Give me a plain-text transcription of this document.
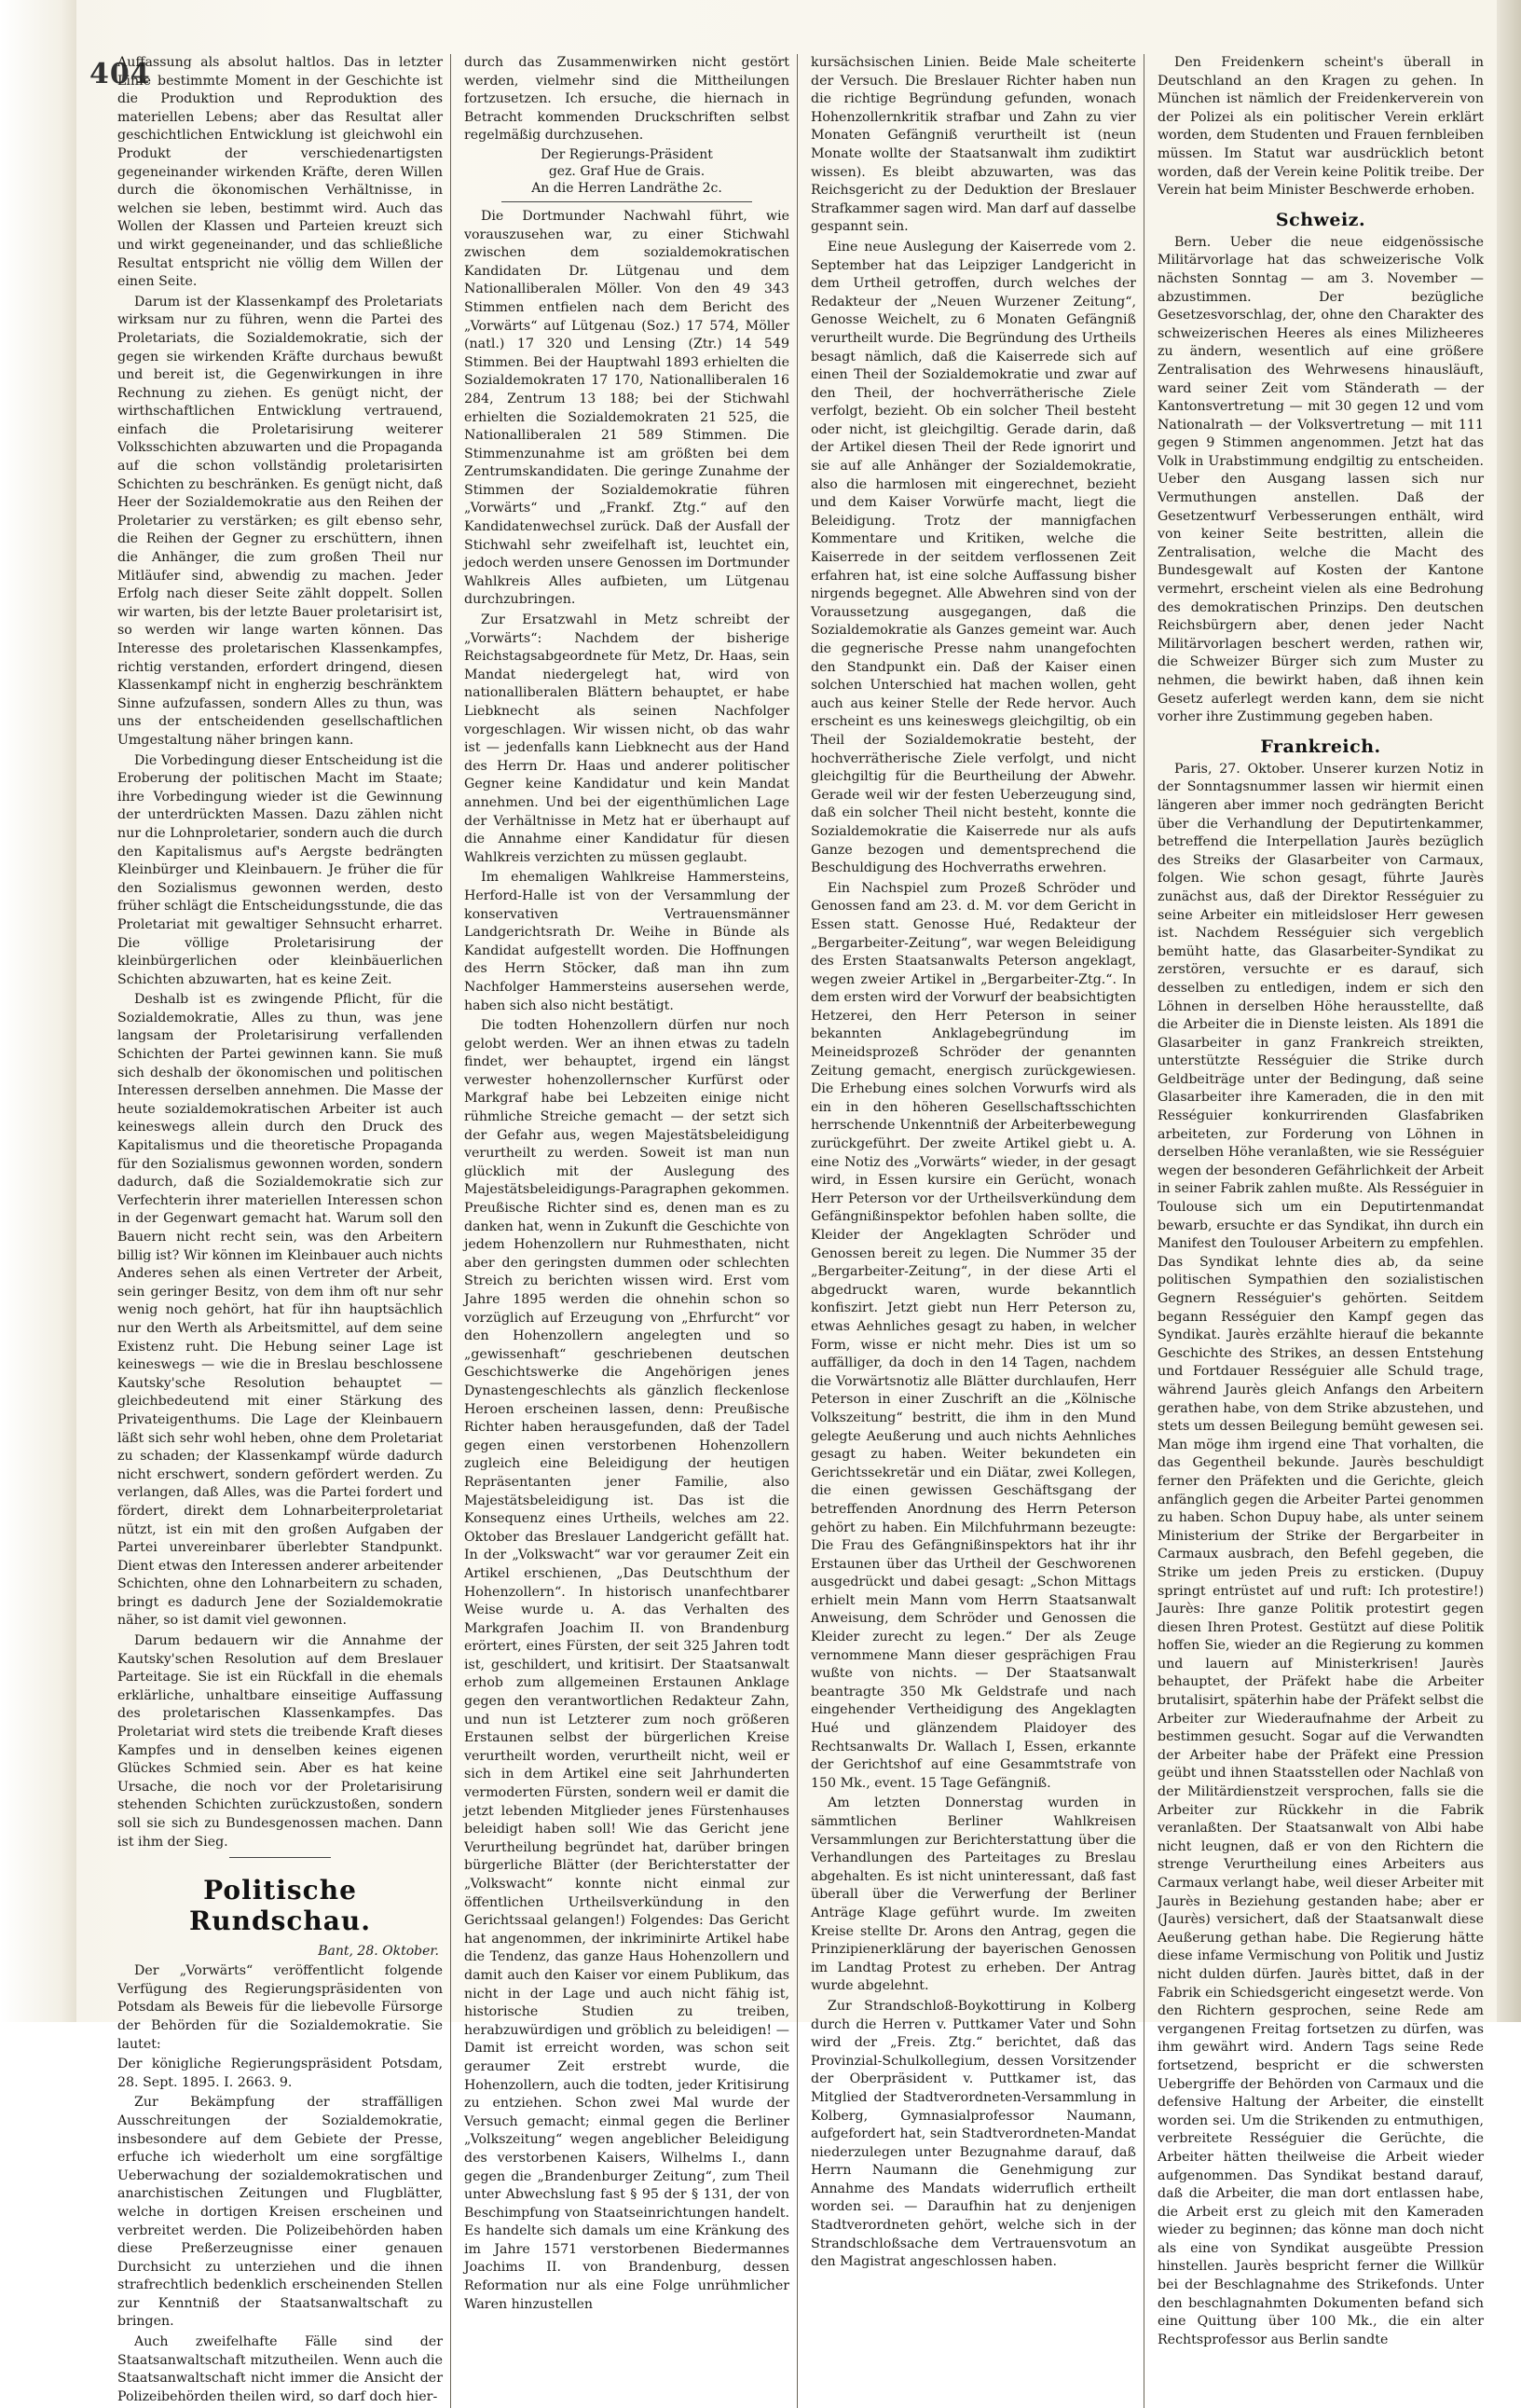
404

Auffassung als absolut haltlos. Das in letzter Linie bestimmte Moment in der Geschichte ist die Produktion und Reproduktion des materiellen Lebens; aber das Resultat aller geschichtlichen Entwicklung ist gleichwohl ein Produkt der verschiedenartigsten gegeneinander wirkenden Kräfte, deren Willen durch die ökonomischen Verhältnisse, in welchen sie leben, bestimmt wird. Auch das Wollen der Klassen und Parteien kreuzt sich und wirkt gegeneinander, und das schließliche Resultat entspricht nie völlig dem Willen der einen Seite.

Darum ist der Klassenkampf des Proletariats wirksam nur zu führen, wenn die Partei des Proletariats, die Sozialdemokratie, sich der gegen sie wirkenden Kräfte durchaus bewußt und bereit ist, die Gegenwirkungen in ihre Rechnung zu ziehen. Es genügt nicht, der wirthschaftlichen Entwicklung vertrauend, einfach die Proletarisirung weiterer Volksschichten abzuwarten und die Propaganda auf die schon vollständig proletarisirten Schichten zu beschränken. Es genügt nicht, daß Heer der Sozialdemokratie aus den Reihen der Proletarier zu verstärken; es gilt ebenso sehr, die Reihen der Gegner zu erschüttern, ihnen die Anhänger, die zum großen Theil nur Mitläufer sind, abwendig zu machen. Jeder Erfolg nach dieser Seite zählt doppelt. Sollen wir warten, bis der letzte Bauer proletarisirt ist, so werden wir lange warten können. Das Interesse des proletarischen Klassenkampfes, richtig verstanden, erfordert dringend, diesen Klassenkampf nicht in engherzig beschränktem Sinne aufzufassen, sondern Alles zu thun, was uns der entscheidenden gesellschaftlichen Umgestaltung näher bringen kann.

Die Vorbedingung dieser Entscheidung ist die Eroberung der politischen Macht im Staate; ihre Vorbedingung wieder ist die Gewinnung der unterdrückten Massen. Dazu zählen nicht nur die Lohnproletarier, sondern auch die durch den Kapitalismus auf's Aergste bedrängten Kleinbürger und Kleinbauern. Je früher die für den Sozialismus gewonnen werden, desto früher schlägt die Entscheidungsstunde, die das Proletariat mit gewaltiger Sehnsucht erharret. Die völlige Proletarisirung der kleinbürgerlichen oder kleinbäuerlichen Schichten abzuwarten, hat es keine Zeit.

Deshalb ist es zwingende Pflicht, für die Sozialdemokratie, Alles zu thun, was jene langsam der Proletarisirung verfallenden Schichten der Partei gewinnen kann. Sie muß sich deshalb der ökonomischen und politischen Interessen derselben annehmen. Die Masse der heute sozialdemokratischen Arbeiter ist auch keineswegs allein durch den Druck des Kapitalismus und die theoretische Propaganda für den Sozialismus gewonnen worden, sondern dadurch, daß die Sozialdemokratie sich zur Verfechterin ihrer materiellen Interessen schon in der Gegenwart gemacht hat. Warum soll den Bauern nicht recht sein, was den Arbeitern billig ist? Wir können im Kleinbauer auch nichts Anderes sehen als einen Vertreter der Arbeit, sein geringer Besitz, von dem ihm oft nur sehr wenig noch gehört, hat für ihn hauptsächlich nur den Werth als Arbeitsmittel, auf dem seine Existenz ruht. Die Hebung seiner Lage ist keineswegs — wie die in Breslau beschlossene Kautsky'sche Resolution behauptet — gleichbedeutend mit einer Stärkung des Privateigenthums. Die Lage der Kleinbauern läßt sich sehr wohl heben, ohne dem Proletariat zu schaden; der Klassenkampf würde dadurch nicht erschwert, sondern gefördert werden. Zu verlangen, daß Alles, was die Partei fordert und fördert, direkt dem Lohnarbeiterproletariat nützt, ist ein mit den großen Aufgaben der Partei unvereinbarer überlebter Standpunkt. Dient etwas den Interessen anderer arbeitender Schichten, ohne den Lohnarbeitern zu schaden, bringt es dadurch Jene der Sozialdemokratie näher, so ist damit viel gewonnen.

Darum bedauern wir die Annahme der Kautsky'schen Resolution auf dem Breslauer Parteitage. Sie ist ein Rückfall in die ehemals erklärliche, unhaltbare einseitige Auffassung des proletarischen Klassenkampfes. Das Proletariat wird stets die treibende Kraft dieses Kampfes und in denselben keines eigenen Glückes Schmied sein. Aber es hat keine Ursache, die noch vor der Proletarisirung stehenden Schichten zurückzustoßen, sondern soll sie sich zu Bundesgenossen machen. Dann ist ihm der Sieg.

Politische Rundschau.
Bant, 28. Oktober.

Der „Vorwärts“ veröffentlicht folgende Verfügung des Regierungspräsidenten von Potsdam als Beweis für die liebevolle Fürsorge der Behörden für die Sozialdemokratie. Sie lautet:

Der königliche Regierungspräsident Potsdam, 28. Sept. 1895. I. 2663. 9.

Zur Bekämpfung der straffälligen Ausschreitungen der Sozialdemokratie, insbesondere auf dem Gebiete der Presse, erfuche ich wiederholt um eine sorgfältige Ueberwachung der sozialdemokratischen und anarchistischen Zeitungen und Flugblätter, welche in dortigen Kreisen erscheinen und verbreitet werden. Die Polizeibehörden haben diese Preßerzeugnisse einer genauen Durchsicht zu unterziehen und die ihnen strafrechtlich bedenklich erscheinenden Stellen zur Kenntniß der Staatsanwaltschaft zu bringen.

Auch zweifelhafte Fälle sind der Staatsanwaltschaft mitzutheilen. Wenn auch die Staatsanwaltschaft nicht immer die Ansicht der Polizeibehörden theilen wird, so darf doch hier-

durch das Zusammenwirken nicht gestört werden, vielmehr sind die Mittheilungen fortzusetzen. Ich ersuche, die hiernach in Betracht kommenden Druckschriften selbst regelmäßig durchzusehen.

Der Regierungs-Präsident
gez. Graf Hue de Grais.
An die Herren Landräthe 2c.

Die Dortmunder Nachwahl führt, wie vorauszusehen war, zu einer Stichwahl zwischen dem sozialdemokratischen Kandidaten Dr. Lütgenau und dem Nationalliberalen Möller. Von den 49 343 Stimmen entfielen nach dem Bericht des „Vorwärts“ auf Lütgenau (Soz.) 17 574, Möller (natl.) 17 320 und Lensing (Ztr.) 14 549 Stimmen. Bei der Hauptwahl 1893 erhielten die Sozialdemokraten 17 170, Nationalliberalen 16 284, Zentrum 13 188; bei der Stichwahl erhielten die Sozialdemokraten 21 525, die Nationalliberalen 21 589 Stimmen. Die Stimmenzunahme ist am größten bei dem Zentrumskandidaten. Die geringe Zunahme der Stimmen der Sozialdemokratie führen „Vorwärts“ und „Frankf. Ztg.“ auf den Kandidatenwechsel zurück. Daß der Ausfall der Stichwahl sehr zweifelhaft ist, leuchtet ein, jedoch werden unsere Genossen im Dortmunder Wahlkreis Alles aufbieten, um Lütgenau durchzubringen.

Zur Ersatzwahl in Metz schreibt der „Vorwärts“: Nachdem der bisherige Reichstagsabgeordnete für Metz, Dr. Haas, sein Mandat niedergelegt hat, wird von nationalliberalen Blättern behauptet, er habe Liebknecht als seinen Nachfolger vorgeschlagen. Wir wissen nicht, ob das wahr ist — jedenfalls kann Liebknecht aus der Hand des Herrn Dr. Haas und anderer politischer Gegner keine Kandidatur und kein Mandat annehmen. Und bei der eigenthümlichen Lage der Verhältnisse in Metz hat er überhaupt auf die Annahme einer Kandidatur für diesen Wahlkreis verzichten zu müssen geglaubt.

Im ehemaligen Wahlkreise Hammersteins, Herford-Halle ist von der Versammlung der konservativen Vertrauensmänner Landgerichtsrath Dr. Weihe in Bünde als Kandidat aufgestellt worden. Die Hoffnungen des Herrn Stöcker, daß man ihn zum Nachfolger Hammersteins ausersehen werde, haben sich also nicht bestätigt.

Die todten Hohenzollern dürfen nur noch gelobt werden. Wer an ihnen etwas zu tadeln findet, wer behauptet, irgend ein längst verwester hohenzollernscher Kurfürst oder Markgraf habe bei Lebzeiten einige nicht rühmliche Streiche gemacht — der setzt sich der Gefahr aus, wegen Majestätsbeleidigung verurtheilt zu werden. Soweit ist man nun glücklich mit der Auslegung des Majestätsbeleidigungs-Paragraphen gekommen. Preußische Richter sind es, denen man es zu danken hat, wenn in Zukunft die Geschichte von jedem Hohenzollern nur Ruhmesthaten, nicht aber den geringsten dummen oder schlechten Streich zu berichten wissen wird. Erst vom Jahre 1895 werden die ohnehin schon so vorzüglich auf Erzeugung von „Ehrfurcht“ vor den Hohenzollern angelegten und so „gewissenhaft“ geschriebenen deutschen Geschichtswerke die Angehörigen jenes Dynastengeschlechts als gänzlich fleckenlose Heroen erscheinen lassen, denn: Preußische Richter haben herausgefunden, daß der Tadel gegen einen verstorbenen Hohenzollern zugleich eine Beleidigung der heutigen Repräsentanten jener Familie, also Majestätsbeleidigung ist. Das ist die Konsequenz eines Urtheils, welches am 22. Oktober das Breslauer Landgericht gefällt hat. In der „Volkswacht“ war vor geraumer Zeit ein Artikel erschienen, „Das Deutschthum der Hohenzollern“. In historisch unanfechtbarer Weise wurde u. A. das Verhalten des Markgrafen Joachim II. von Brandenburg erörtert, eines Fürsten, der seit 325 Jahren todt ist, geschildert, und kritisirt. Der Staatsanwalt erhob zum allgemeinen Erstaunen Anklage gegen den verantwortlichen Redakteur Zahn, und nun ist Letzterer zum noch größeren Erstaunen selbst der bürgerlichen Kreise verurtheilt worden, verurtheilt nicht, weil er sich in dem Artikel eine seit Jahrhunderten vermoderten Fürsten, sondern weil er damit die jetzt lebenden Mitglieder jenes Fürstenhauses beleidigt haben soll! Wie das Gericht jene Verurtheilung begründet hat, darüber bringen bürgerliche Blätter (der Berichterstatter der „Volkswacht“ konnte nicht einmal zur öffentlichen Urtheilsverkündung in den Gerichtssaal gelangen!) Folgendes: Das Gericht hat angenommen, der inkriminirte Artikel habe die Tendenz, das ganze Haus Hohenzollern und damit auch den Kaiser vor einem Publikum, das nicht in der Lage und auch nicht fähig ist, historische Studien zu treiben, herabzuwürdigen und gröblich zu beleidigen! — Damit ist erreicht worden, was schon seit geraumer Zeit erstrebt wurde, die Hohenzollern, auch die todten, jeder Kritisirung zu entziehen. Schon zwei Mal wurde der Versuch gemacht; einmal gegen die Berliner „Volkszeitung“ wegen angeblicher Beleidigung des verstorbenen Kaisers, Wilhelms I., dann gegen die „Brandenburger Zeitung“, zum Theil unter Abwechslung fast § 95 der § 131, der von Beschimpfung von Staatseinrichtungen handelt. Es handelte sich damals um eine Kränkung des im Jahre 1571 verstorbenen Biedermannes Joachims II. von Brandenburg, dessen Reformation nur als eine Folge unrühmlicher Waren hinzustellen

kursächsischen Linien. Beide Male scheiterte der Versuch. Die Breslauer Richter haben nun die richtige Begründung gefunden, wonach Hohenzollernkritik strafbar und Zahn zu vier Monaten Gefängniß verurtheilt ist (neun Monate wollte der Staatsanwalt ihm zudiktirt wissen). Es bleibt abzuwarten, was das Reichsgericht zu der Deduktion der Breslauer Strafkammer sagen wird. Man darf auf dasselbe gespannt sein.

Eine neue Auslegung der Kaiserrede vom 2. September hat das Leipziger Landgericht in dem Urtheil getroffen, durch welches der Redakteur der „Neuen Wurzener Zeitung“, Genosse Weichelt, zu 6 Monaten Gefängniß verurtheilt wurde. Die Begründung des Urtheils besagt nämlich, daß die Kaiserrede sich auf einen Theil der Sozialdemokratie und zwar auf den Theil, der hochverrätherische Ziele verfolgt, bezieht. Ob ein solcher Theil besteht oder nicht, ist gleichgiltig. Gerade darin, daß der Artikel diesen Theil der Rede ignorirt und sie auf alle Anhänger der Sozialdemokratie, also die harmlosen mit eingerechnet, bezieht und dem Kaiser Vorwürfe macht, liegt die Beleidigung. Trotz der mannigfachen Kommentare und Kritiken, welche die Kaiserrede in der seitdem verflossenen Zeit erfahren hat, ist eine solche Auffassung bisher nirgends begegnet. Alle Abwehren sind von der Voraussetzung ausgegangen, daß die Sozialdemokratie als Ganzes gemeint war. Auch die gegnerische Presse nahm unangefochten den Standpunkt ein. Daß der Kaiser einen solchen Unterschied hat machen wollen, geht auch aus keiner Stelle der Rede hervor. Auch erscheint es uns keineswegs gleichgiltig, ob ein Theil der Sozialdemokratie besteht, der hochverrätherische Ziele verfolgt, und nicht gleichgiltig für die Beurtheilung der Abwehr. Gerade weil wir der festen Ueberzeugung sind, daß ein solcher Theil nicht besteht, konnte die Sozialdemokratie die Kaiserrede nur als aufs Ganze bezogen und dementsprechend die Beschuldigung des Hochverraths erwehren.

Ein Nachspiel zum Prozeß Schröder und Genossen fand am 23. d. M. vor dem Gericht in Essen statt. Genosse Hué, Redakteur der „Bergarbeiter-Zeitung“, war wegen Beleidigung des Ersten Staatsanwalts Peterson angeklagt, wegen zweier Artikel in „Bergarbeiter-Ztg.“. In dem ersten wird der Vorwurf der beabsichtigten Hetzerei, den Herr Peterson in seiner bekannten Anklagebegründung im Meineidsprozeß Schröder der genannten Zeitung gemacht, energisch zurückgewiesen. Die Erhebung eines solchen Vorwurfs wird als ein in den höheren Gesellschaftsschichten herrschende Unkenntniß der Arbeiterbewegung zurückgeführt. Der zweite Artikel giebt u. A. eine Notiz des „Vorwärts“ wieder, in der gesagt wird, in Essen kursire ein Gerücht, wonach Herr Peterson vor der Urtheilsverkündung dem Gefängnißinspektor befohlen haben sollte, die Kleider der Angeklagten Schröder und Genossen bereit zu legen. Die Nummer 35 der „Bergarbeiter-Zeitung“, in der diese Arti el abgedruckt waren, wurde bekanntlich konfiszirt. Jetzt giebt nun Herr Peterson zu, etwas Aehnliches gesagt zu haben, in welcher Form, wisse er nicht mehr. Dies ist um so auffälliger, da doch in den 14 Tagen, nachdem die Vorwärtsnotiz alle Blätter durchlaufen, Herr Peterson in einer Zuschrift an die „Kölnische Volkszeitung“ bestritt, die ihm in den Mund gelegte Aeußerung und auch nichts Aehnliches gesagt zu haben. Weiter bekundeten ein Gerichtssekretär und ein Diätar, zwei Kollegen, die einen gewissen Geschäftsgang der betreffenden Anordnung des Herrn Peterson gehört zu haben. Ein Milchfuhrmann bezeugte: Die Frau des Gefängnißinspektors hat ihr ihr Erstaunen über das Urtheil der Geschworenen ausgedrückt und dabei gesagt: „Schon Mittags erhielt mein Mann vom Herrn Staatsanwalt Anweisung, dem Schröder und Genossen die Kleider zurecht zu legen.“ Der als Zeuge vernommene Mann dieser gesprächigen Frau wußte von nichts. — Der Staatsanwalt beantragte 350 Mk Geldstrafe und nach eingehender Vertheidigung des Angeklagten Hué und glänzendem Plaidoyer des Rechtsanwalts Dr. Wallach I, Essen, erkannte der Gerichtshof auf eine Gesammtstrafe von 150 Mk., event. 15 Tage Gefängniß.

Am letzten Donnerstag wurden in sämmtlichen Berliner Wahlkreisen Versammlungen zur Berichterstattung über die Verhandlungen des Parteitages zu Breslau abgehalten. Es ist nicht uninteressant, daß fast überall über die Verwerfung der Berliner Anträge Klage geführt wurde. Im zweiten Kreise stellte Dr. Arons den Antrag, gegen die Prinzipienerklärung der bayerischen Genossen im Landtag Protest zu erheben. Der Antrag wurde abgelehnt.

Zur Strandschloß-Boykottirung in Kolberg durch die Herren v. Puttkamer Vater und Sohn wird der „Freis. Ztg.“ berichtet, daß das Provinzial-Schulkollegium, dessen Vorsitzender der Oberpräsident v. Puttkamer ist, das Mitglied der Stadtverordneten-Versammlung in Kolberg, Gymnasialprofessor Naumann, aufgefordert hat, sein Stadtverordneten-Mandat niederzulegen unter Bezugnahme darauf, daß Herrn Naumann die Genehmigung zur Annahme des Mandats widerruflich ertheilt worden sei. — Daraufhin hat zu denjenigen Stadtverordneten gehört, welche sich in der Strandschloßsache dem Vertrauensvotum an den Magistrat angeschlossen haben.

Den Freidenkern scheint's überall in Deutschland an den Kragen zu gehen. In München ist nämlich der Freidenkerverein von der Polizei als ein politischer Verein erklärt worden, dem Studenten und Frauen fernbleiben müssen. Im Statut war ausdrücklich betont worden, daß der Verein keine Politik treibe. Der Verein hat beim Minister Beschwerde erhoben.

Schweiz.

Bern. Ueber die neue eidgenössische Militärvorlage hat das schweizerische Volk nächsten Sonntag — am 3. November — abzustimmen. Der bezügliche Gesetzesvorschlag, der, ohne den Charakter des schweizerischen Heeres als eines Milizheeres zu ändern, wesentlich auf eine größere Zentralisation des Wehrwesens hinausläuft, ward seiner Zeit vom Ständerath — der Kantonsvertretung — mit 30 gegen 12 und vom Nationalrath — der Volksvertretung — mit 111 gegen 9 Stimmen angenommen. Jetzt hat das Volk in Urabstimmung endgiltig zu entscheiden. Ueber den Ausgang lassen sich nur Vermuthungen anstellen. Daß der Gesetzentwurf Verbesserungen enthält, wird von keiner Seite bestritten, allein die Zentralisation, welche die Macht des Bundesgewalt auf Kosten der Kantone vermehrt, erscheint vielen als eine Bedrohung des demokratischen Prinzips. Den deutschen Reichsbürgern aber, denen jeder Nacht Militärvorlagen beschert werden, rathen wir, die Schweizer Bürger sich zum Muster zu nehmen, die bewirkt haben, daß ihnen kein Gesetz auferlegt werden kann, dem sie nicht vorher ihre Zustimmung gegeben haben.

Frankreich.

Paris, 27. Oktober. Unserer kurzen Notiz in der Sonntagsnummer lassen wir hiermit einen längeren aber immer noch gedrängten Bericht über die Verhandlung der Deputirtenkammer, betreffend die Interpellation Jaurès bezüglich des Streiks der Glasarbeiter von Carmaux, folgen. Wie schon gesagt, führte Jaurès zunächst aus, daß der Direktor Rességuier zu seine Arbeiter ein mitleidsloser Herr gewesen ist. Nachdem Rességuier sich vergeblich bemüht hatte, das Glasarbeiter-Syndikat zu zerstören, versuchte er es darauf, sich desselben zu entledigen, indem er sich den Löhnen in derselben Höhe herausstellte, daß die Arbeiter die in Dienste leisten. Als 1891 die Glasarbeiter in ganz Frankreich streikten, unterstützte Rességuier die Strike durch Geldbeiträge unter der Bedingung, daß seine Glasarbeiter ihre Kameraden, die in den mit Rességuier konkurrirenden Glasfabriken arbeiteten, zur Forderung von Löhnen in derselben Höhe veranlaßten, wie sie Rességuier wegen der besonderen Gefährlichkeit der Arbeit in seiner Fabrik zahlen mußte. Als Rességuier in Toulouse sich um ein Deputirtenmandat bewarb, ersuchte er das Syndikat, ihn durch ein Manifest den Toulouser Arbeitern zu empfehlen. Das Syndikat lehnte dies ab, da seine politischen Sympathien den sozialistischen Gegnern Rességuier's gehörten. Seitdem begann Rességuier den Kampf gegen das Syndikat. Jaurès erzählte hierauf die bekannte Geschichte des Strikes, an dessen Entstehung und Fortdauer Rességuier alle Schuld trage, während Jaurès gleich Anfangs den Arbeitern gerathen habe, von dem Strike abzustehen, und stets um dessen Beilegung bemüht gewesen sei. Man möge ihm irgend eine That vorhalten, die das Gegentheil bekunde. Jaurès beschuldigt ferner den Präfekten und die Gerichte, gleich anfänglich gegen die Arbeiter Partei genommen zu haben. Schon Dupuy habe, als unter seinem Ministerium der Strike der Bergarbeiter in Carmaux ausbrach, den Befehl gegeben, die Strike um jeden Preis zu ersticken. (Dupuy springt entrüstet auf und ruft: Ich protestire!) Jaurès: Ihre ganze Politik protestirt gegen diesen Ihren Protest. Gestützt auf diese Politik hoffen Sie, wieder an die Regierung zu kommen und lauern auf Ministerkrisen! Jaurès behauptet, der Präfekt habe die Arbeiter brutalisirt, späterhin habe der Präfekt selbst die Arbeiter zur Wiederaufnahme der Arbeit zu bestimmen gesucht. Sogar auf die Verwandten der Arbeiter habe der Präfekt eine Pression geübt und ihnen Staatsstellen oder Nachlaß von der Militärdienstzeit versprochen, falls sie die Arbeiter zur Rückkehr in die Fabrik veranlaßten. Der Staatsanwalt von Albi habe nicht leugnen, daß er von den Richtern die strenge Verurtheilung eines Arbeiters aus Carmaux verlangt habe, weil dieser Arbeiter mit Jaurès in Beziehung gestanden habe; aber er (Jaurès) versichert, daß der Staatsanwalt diese Aeußerung gethan habe. Die Regierung hätte diese infame Vermischung von Politik und Justiz nicht dulden dürfen. Jaurès bittet, daß in der Fabrik ein Schiedsgericht eingesetzt werde. Von den Richtern gesprochen, seine Rede am vergangenen Freitag fortsetzen zu dürfen, was ihm gewährt wird. Andern Tags seine Rede fortsetzend, bespricht er die schwersten Uebergriffe der Behörden von Carmaux und die defensive Haltung der Arbeiter, die einstellt worden sei. Um die Strikenden zu entmuthigen, verbreitete Rességuier die Gerüchte, die Arbeiter hätten theilweise die Arbeit wieder aufgenommen. Das Syndikat bestand darauf, daß die Arbeiter, die man dort entlassen habe, die Arbeit erst zu gleich mit den Kameraden wieder zu beginnen; das könne man doch nicht als eine von Syndikat ausgeübte Pression hinstellen. Jaurès bespricht ferner die Willkür bei der Beschlagnahme des Strikefonds. Unter den beschlagnahmten Dokumenten befand sich eine Quittung über 100 Mk., die ein alter Rechtsprofessor aus Berlin sandte
